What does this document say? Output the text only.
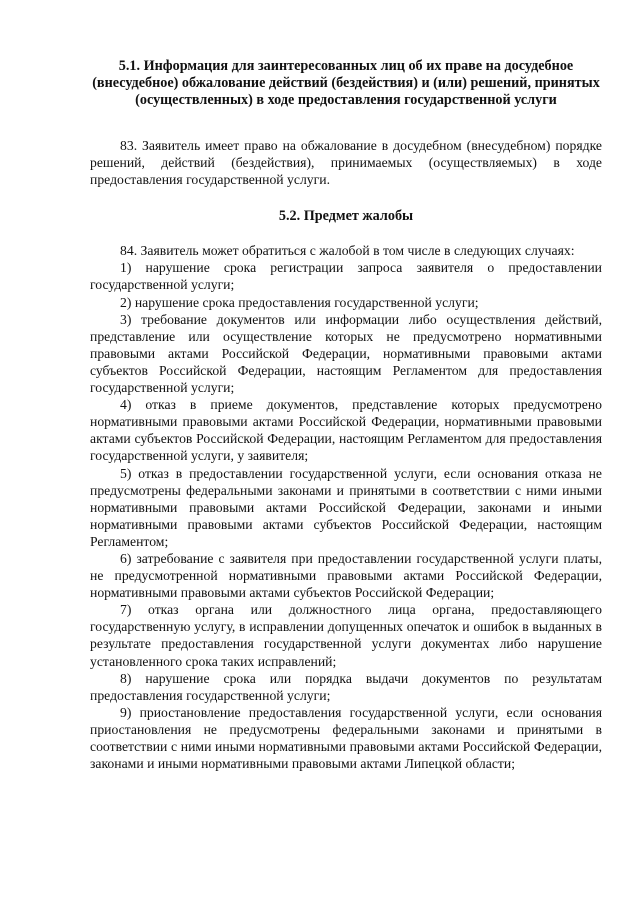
5.1. Информация для заинтересованных лиц об их праве на досудебное (внесудебное) обжалование действий (бездействия) и (или) решений, принятых (осуществленных) в ходе предоставления государственной услуги

83. Заявитель имеет право на обжалование в досудебном (внесудебном) порядке решений, действий (бездействия), принимаемых (осуществляемых) в ходе предоставления государственной услуги.

5.2. Предмет жалобы

84. Заявитель может обратиться с жалобой в том числе в следующих случаях:

1) нарушение срока регистрации запроса заявителя о предоставлении государственной услуги;

2) нарушение срока предоставления государственной услуги;

3) требование документов или информации либо осуществления действий, представление или осуществление которых не предусмотрено нормативными правовыми актами Российской Федерации, нормативными правовыми актами субъектов Российской Федерации, настоящим Регламентом для предоставления государственной услуги;

4) отказ в приеме документов, представление которых предусмотрено нормативными правовыми актами Российской Федерации, нормативными правовыми актами субъектов Российской Федерации, настоящим Регламентом для предоставления государственной услуги, у заявителя;

5) отказ в предоставлении государственной услуги, если основания отказа не предусмотрены федеральными законами и принятыми в соответствии с ними иными нормативными правовыми актами Российской Федерации, законами и иными нормативными правовыми актами субъектов Российской Федерации, настоящим Регламентом;

6) затребование с заявителя при предоставлении государственной услуги платы, не предусмотренной нормативными правовыми актами Российской Федерации, нормативными правовыми актами субъектов Российской Федерации;

7) отказ органа или должностного лица органа, предоставляющего государственную услугу, в исправлении допущенных опечаток и ошибок в выданных в результате предоставления государственной услуги документах либо нарушение установленного срока таких исправлений;

8) нарушение срока или порядка выдачи документов по результатам предоставления государственной услуги;

9) приостановление предоставления государственной услуги, если основания приостановления не предусмотрены федеральными законами и принятыми в соответствии с ними иными нормативными правовыми актами Российской Федерации, законами и иными нормативными правовыми актами Липецкой области;
